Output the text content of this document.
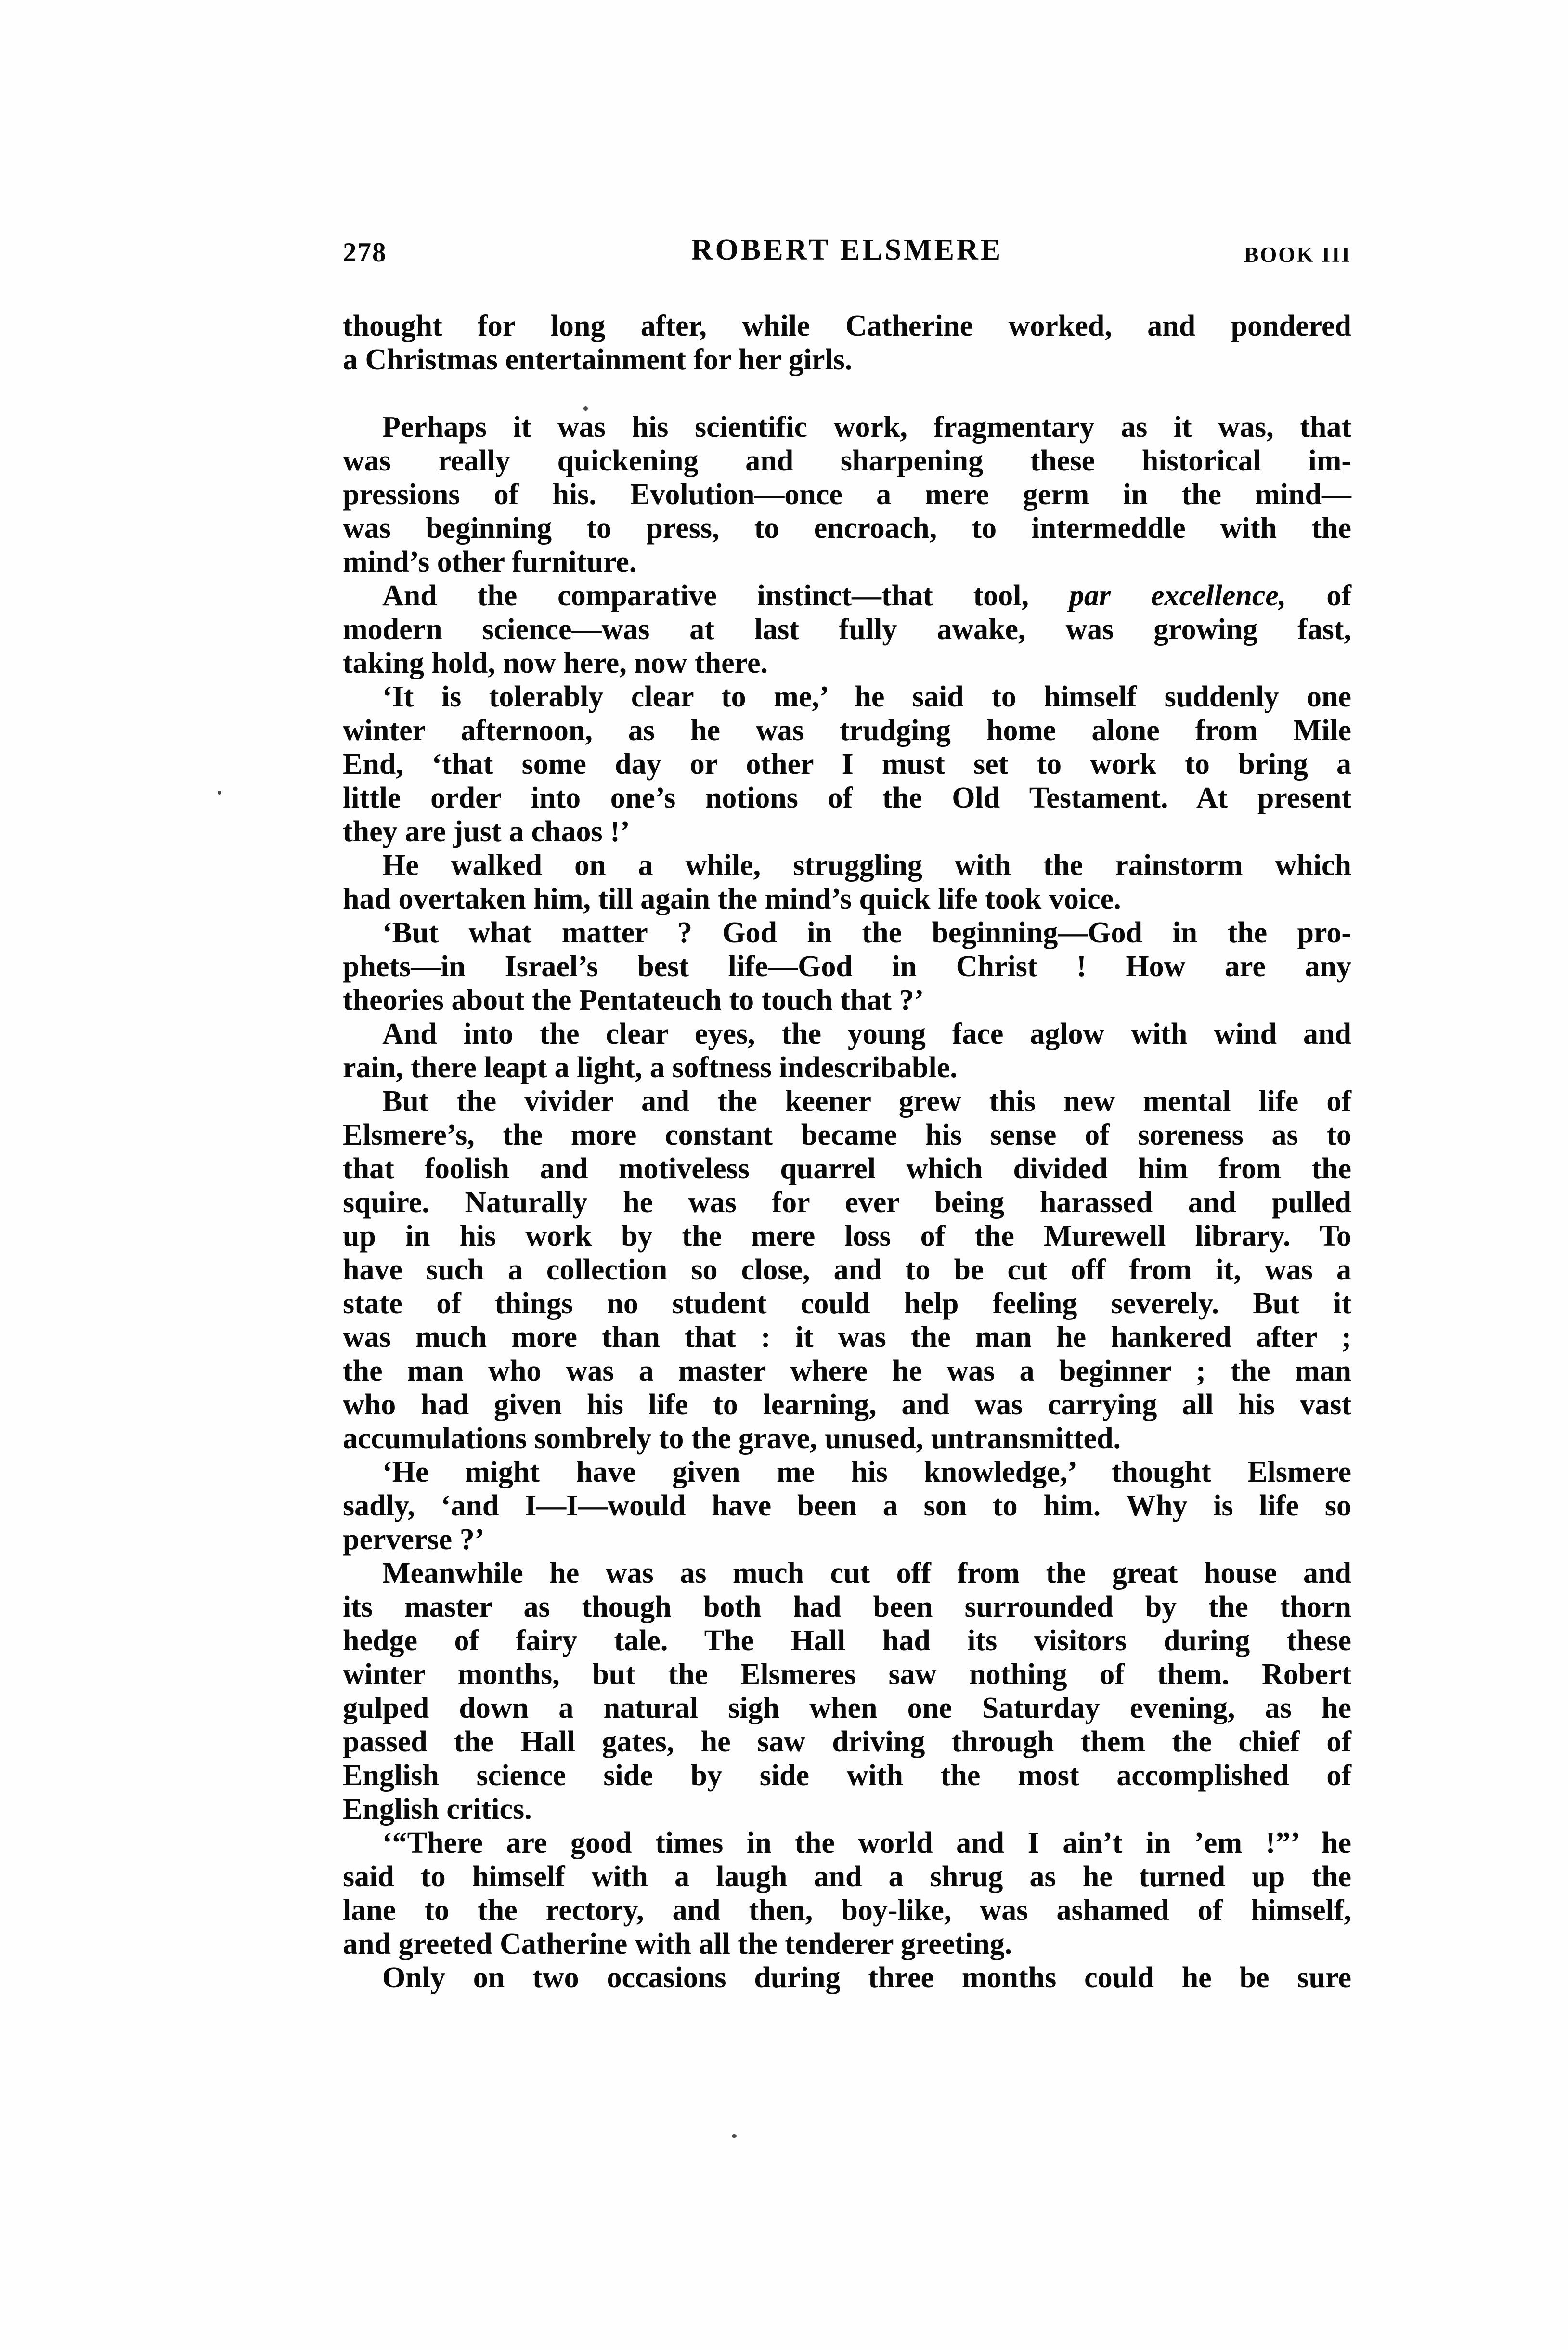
278	ROBERT ELSMERE	BOOK III
thought for long after, while Catherine worked, and pondered
a Christmas entertainment for her girls.
Perhaps it was his scientific work, fragmentary as it was, that
was really quickening and sharpening these historical im-
pressions of his. Evolution—once a mere germ in the mind—
was beginning to press, to encroach, to intermeddle with the
mind’s other furniture.
And the comparative instinct—that tool, par excellence, of
modern science—was at last fully awake, was growing fast,
taking hold, now here, now there.
‘It is tolerably clear to me,’ he said to himself suddenly one
winter afternoon, as he was trudging home alone from Mile
End, ‘that some day or other I must set to work to bring a
little order into one’s notions of the Old Testament. At present
they are just a chaos !’
He walked on a while, struggling with the rainstorm which
had overtaken him, till again the mind’s quick life took voice.
‘But what matter ? God in the beginning—God in the pro-
phets—in Israel’s best life—God in Christ ! How are any
theories about the Pentateuch to touch that ?’
And into the clear eyes, the young face aglow with wind and
rain, there leapt a light, a softness indescribable.
But the vivider and the keener grew this new mental life of
Elsmere’s, the more constant became his sense of soreness as to
that foolish and motiveless quarrel which divided him from the
squire. Naturally he was for ever being harassed and pulled
up in his work by the mere loss of the Murewell library. To
have such a collection so close, and to be cut off from it, was a
state of things no student could help feeling severely. But it
was much more than that : it was the man he hankered after ;
the man who was a master where he was a beginner ; the man
who had given his life to learning, and was carrying all his vast
accumulations sombrely to the grave, unused, untransmitted.
‘He might have given me his knowledge,’ thought Elsmere
sadly, ‘and I—I—would have been a son to him. Why is life so
perverse ?’
Meanwhile he was as much cut off from the great house and
its master as though both had been surrounded by the thorn
hedge of fairy tale. The Hall had its visitors during these
winter months, but the Elsmeres saw nothing of them. Robert
gulped down a natural sigh when one Saturday evening, as he
passed the Hall gates, he saw driving through them the chief of
English science side by side with the most accomplished of
English critics.
‘“There are good times in the world and I ain’t in ’em !”’ he
said to himself with a laugh and a shrug as he turned up the
lane to the rectory, and then, boy-like, was ashamed of himself,
and greeted Catherine with all the tenderer greeting.
Only on two occasions during three months could he be sure
